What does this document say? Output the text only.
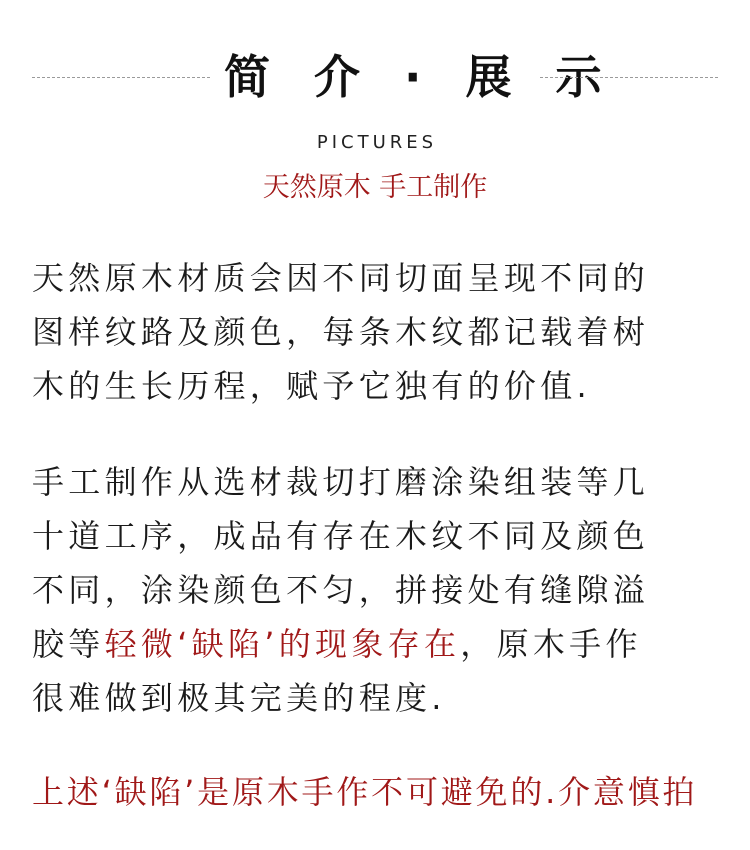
简 介 · 展 示
PICTURES
天然原木 手工制作
天然原木材质会因不同切面呈现不同的
图样纹路及颜色，每条木纹都记载着树
木的生长历程，赋予它独有的价值.
手工制作从选材裁切打磨涂染组装等几
十道工序，成品有存在木纹不同及颜色
不同，涂染颜色不匀，拼接处有缝隙溢
胶等轻微‘缺陷’的现象存在，原木手作
很难做到极其完美的程度.
上述‘缺陷’是原木手作不可避免的.介意慎拍
